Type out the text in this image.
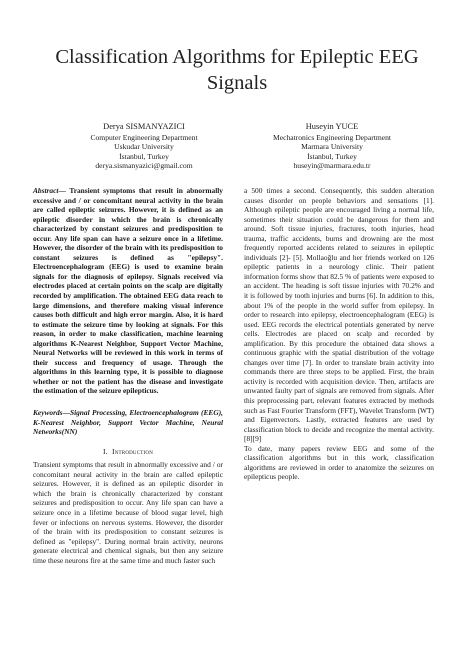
Classification Algorithms for Epileptic EEG Signals
Derya SISMANYAZICI
Computer Engineering Department
Uskudar University
İstanbul, Turkey
derya.sismanyazici@gmail.com
Huseyin YUCE
Mechatronics Engineering Department
Marmara University
İstanbul, Turkey
huseyin@marmara.edu.tr

Abstract— Transient symptoms that result in abnormally excessive and / or concomitant neural activity in the brain are called epileptic seizures. However, it is defined as an epileptic disorder in which the brain is chronically characterized by constant seizures and predisposition to occur. Any life span can have a seizure once in a lifetime. However, the disorder of the brain with its predisposition to constant seizures is defined as "epilepsy". Electroencephalogram (EEG) is used to examine brain signals for the diagnosis of epilepsy. Signals received via electrodes placed at certain points on the scalp are digitally recorded by amplification. The obtained EEG data reach to large dimensions, and therefore making visual inference causes both difficult and high error margin. Also, it is hard to estimate the seizure time by looking at signals. For this reason, in order to make classification, machine learning algorithms K-Nearest Neighbor, Support Vector Machine, Neural Networks will be reviewed in this work in terms of their success and frequency of usage. Through the algorithms in this learning type, it is possible to diagnose whether or not the patient has the disease and investigate the estimation of the seizure epilepticus.

Keywords—Signal Processing, Electroencephalogram (EEG), K-Nearest Neighbor, Support Vector Machine, Neural Networks(NN)

I. Introduction

Transient symptoms that result in abnormally excessive and / or concomitant neural activity in the brain are called epileptic seizures. However, it is defined as an epileptic disorder in which the brain is chronically characterized by constant seizures and predisposition to occur. Any life span can have a seizure once in a lifetime because of blood sugar level, high fever or infections on nervous systems. However, the disorder of the brain with its predisposition to constant seizures is defined as "epilepsy". During normal brain activity, neurons generate electrical and chemical signals, but then any seizure time these neurons fire at the same time and much faster such

a 500 times a second. Consequently, this sudden alteration causes disorder on people behaviors and sensations [1]. Although epileptic people are encouraged living a normal life, sometimes their situation could be dangerous for them and around. Soft tissue injuries, fractures, tooth injuries, head trauma, traffic accidents, burns and drowning are the most frequently reported accidents related to seizures in epileptic individuals [2]- [5]. Mollaoğlu and her friends worked on 126 epileptic patients in a neurology clinic. Their patient information forms show that 82.5 % of patients were exposed to an accident. The heading is soft tissue injuries with 70.2% and it is followed by tooth injuries and burns [6]. In addition to this, about 1% of the people in the world suffer from epilepsy. In order to research into epilepsy, electroencephalogram (EEG) is used. EEG records the electrical potentials generated by nerve cells. Electrodes are placed on scalp and recorded by amplification. By this procedure the obtained data shows a continuous graphic with the spatial distribution of the voltage changes over time [7]. In order to translate brain activity into commands there are three steps to be applied. First, the brain activity is recorded with acquisition device. Then, artifacts are unwanted faulty part of signals are removed from signals. After this preprocessing part, relevant features extracted by methods such as Fast Fourier Transform (FFT), Wavelet Transform (WT) and Eigenvectors. Lastly, extracted features are used by classification block to decide and recognize the mental activity. [8][9]

To date, many papers review EEG and some of the classification algorithms but in this work, classification algorithms are reviewed in order to anatomize the seizures on epilepticus people.
